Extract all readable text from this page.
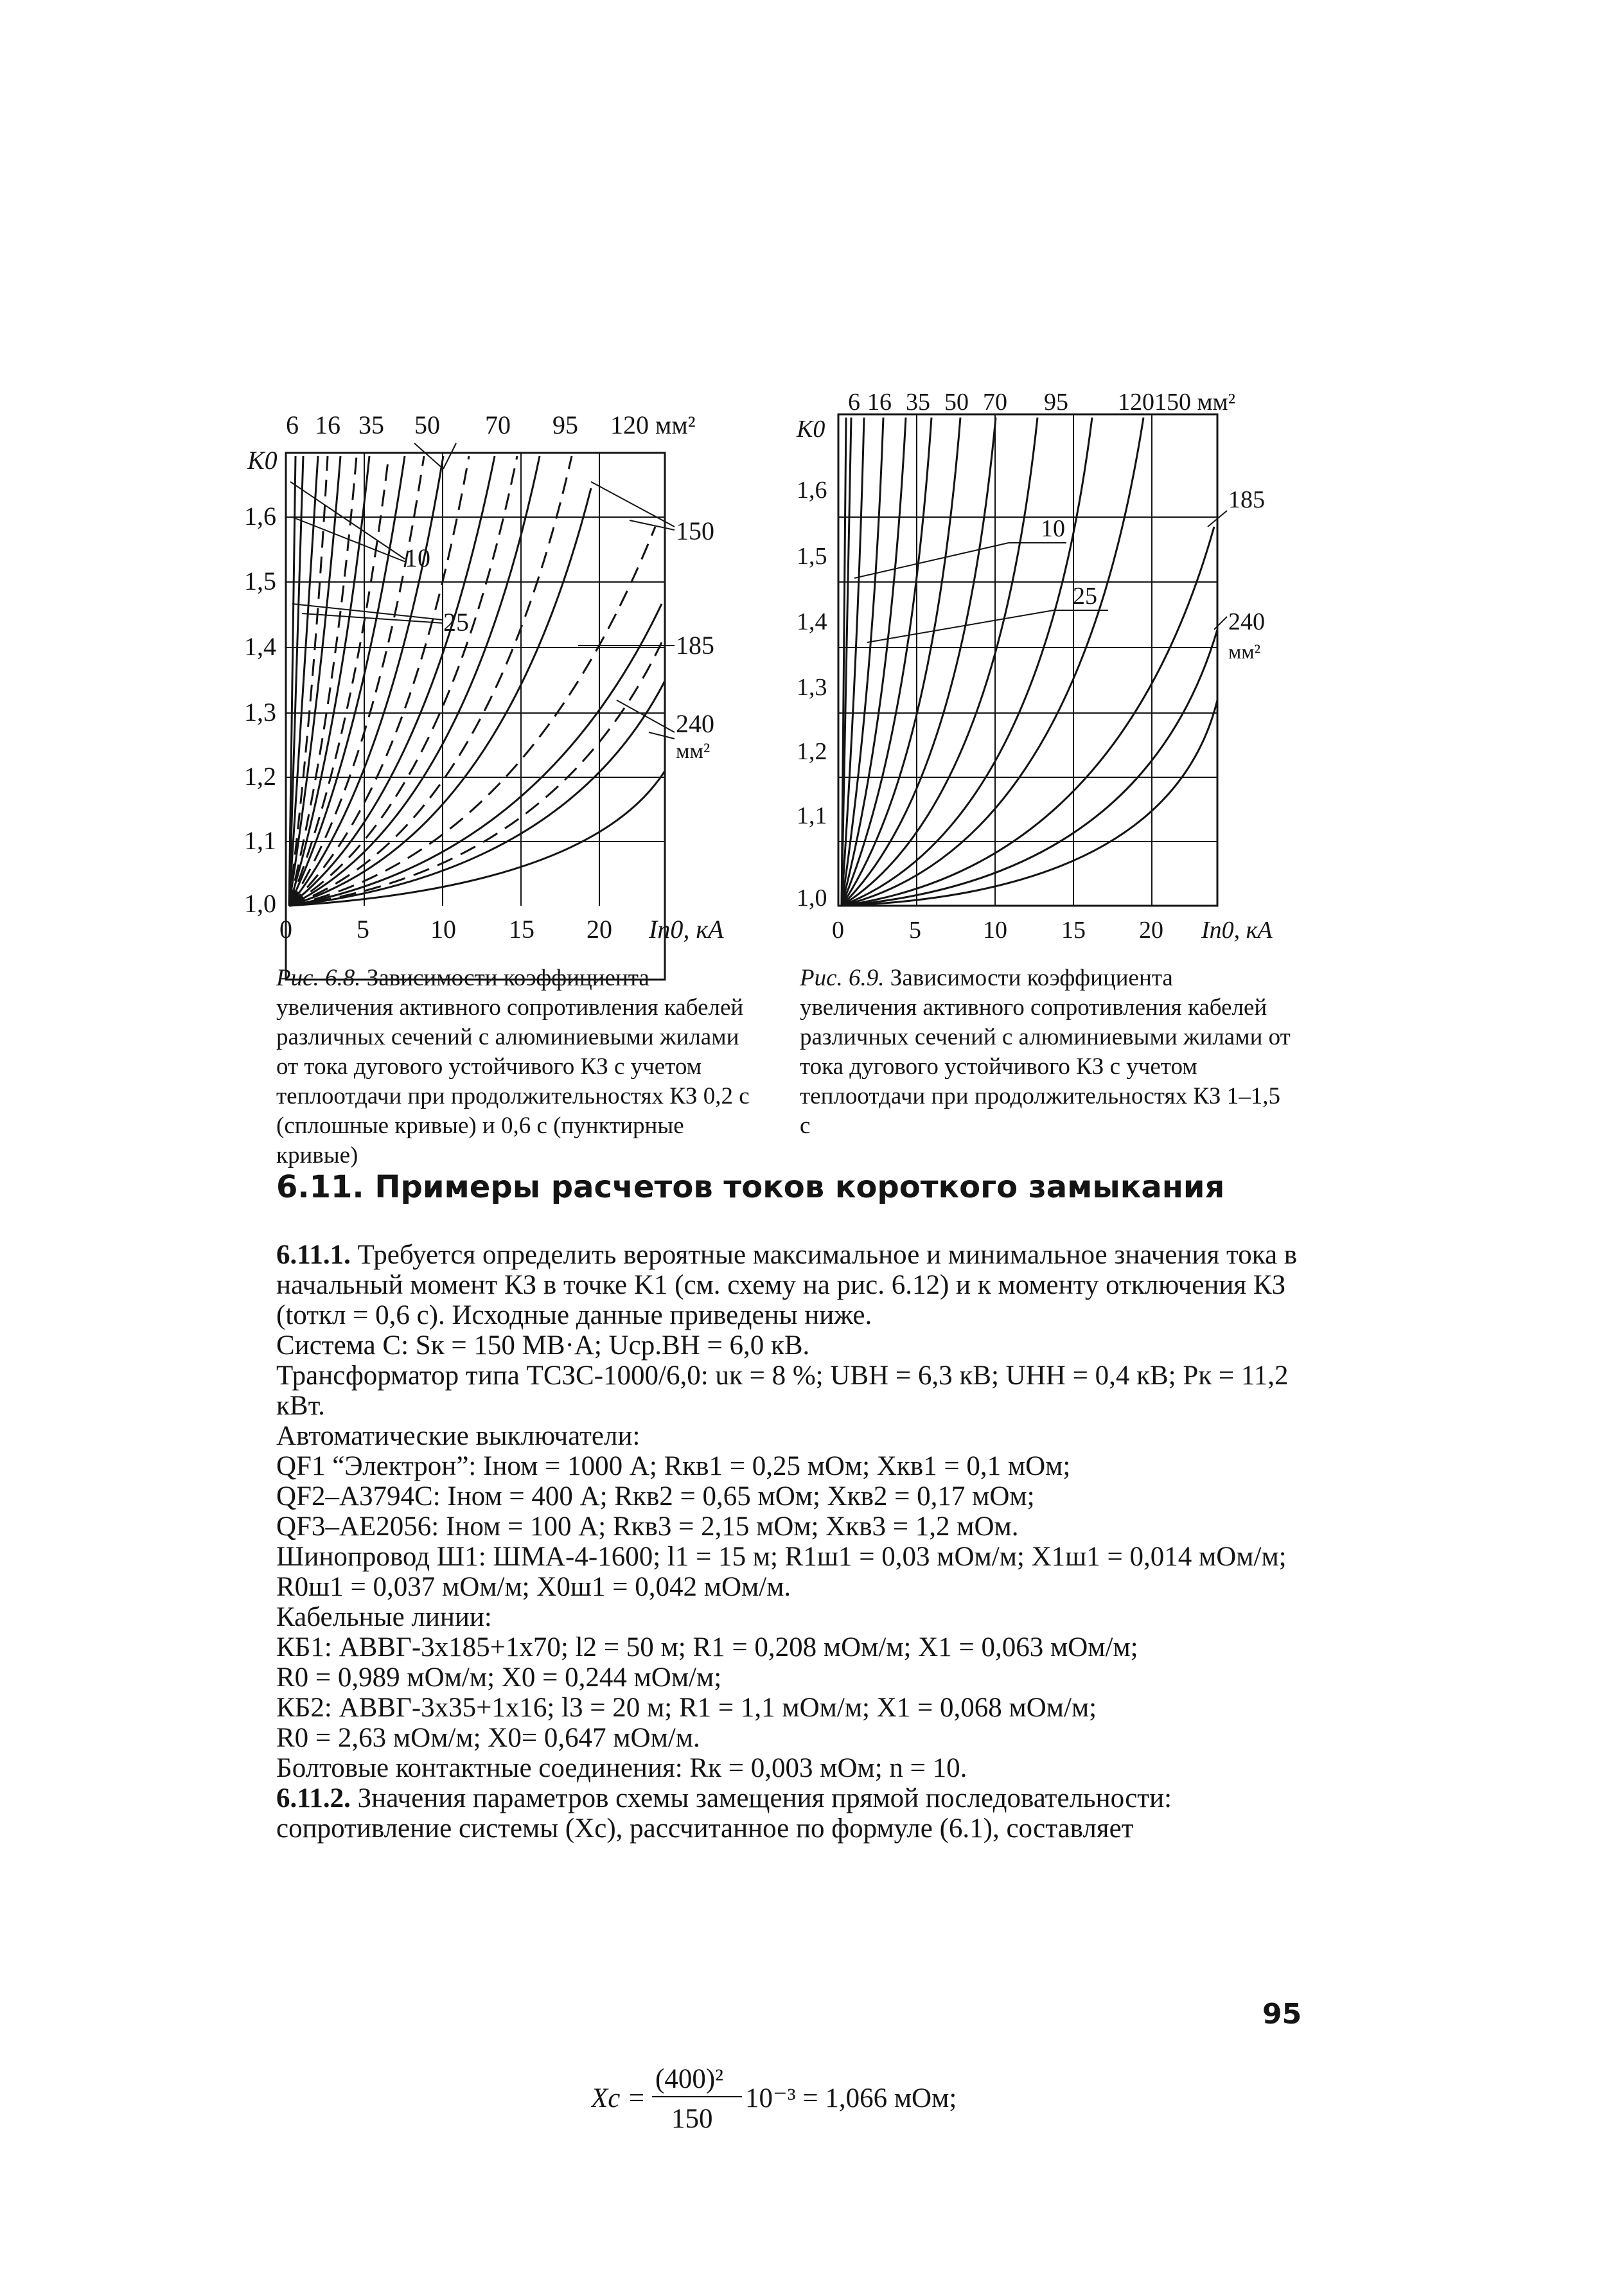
6 16 35 50 70 95 120 мм²
K0
1,6
1,5
1,4
1,3
1,2
1,1
1,0
0	5 10 15 20 Iп0, кА
10
25
150
185
240
мм²
6 16 35 50 70 95 120150 мм²
K0
1,6
1,5
1,4
1,3
1,2
1,1
1,0
0	5	10 15 20 Iп0, кА
10
25
185
240
мм²
Рис. 6.8. Зависимости коэффициента увеличения активного сопротивления кабелей различных сечений с алюминиевыми жилами от тока дугового устойчивого КЗ с учетом теплоотдачи при продолжительностях КЗ 0,2 с (сплошные кривые) и 0,6 с (пунктирные кривые)
Рис. 6.9. Зависимости коэффициента увеличения активного сопротивления кабелей различных сечений с алюминиевыми жилами от тока дугового устойчивого КЗ с учетом теплоотдачи при продолжительностях КЗ 1–1,5 с
6.11. Примеры расчетов токов короткого замыкания

6.11.1. Требуется определить вероятные максимальное и минимальное значения тока в начальный момент КЗ в точке K1 (см. схему на рис. 6.12) и к моменту отключения КЗ (tоткл = 0,6 с). Исходные данные приведены ниже.

Система С: Sк = 150 МВ·А; Uср.ВН = 6,0 кВ.

Трансформатор типа ТСЗС-1000/6,0: uк = 8 %; UВН = 6,3 кВ; UНН = 0,4 кВ; Pк = 11,2 кВт.

Автоматические выключатели:

QF1 “Электрон”: Iном = 1000 А; Rкв1 = 0,25 мОм; Xкв1 = 0,1 мОм;

QF2–А3794С: Iном = 400 А; Rкв2 = 0,65 мОм; Xкв2 = 0,17 мОм;

QF3–АЕ2056: Iном = 100 А; Rкв3 = 2,15 мОм; Xкв3 = 1,2 мОм.

Шинопровод Ш1: ШМА-4-1600; l1 = 15 м; R1ш1 = 0,03 мОм/м; X1ш1 = 0,014 мОм/м;

R0ш1 = 0,037 мОм/м; X0ш1 = 0,042 мОм/м.

Кабельные линии:

КБ1: АВВГ-3х185+1х70; l2 = 50 м; R1 = 0,208 мОм/м; X1 = 0,063 мОм/м;

R0 = 0,989 мОм/м; X0 = 0,244 мОм/м;

КБ2: АВВГ-3х35+1х16; l3 = 20 м; R1 = 1,1 мОм/м; X1 = 0,068 мОм/м;

R0 = 2,63 мОм/м; X0= 0,647 мОм/м.

Болтовые контактные соединения: Rк = 0,003 мОм; n = 10.

6.11.2. Значения параметров схемы замещения прямой последовательности: сопротивление системы (Xс), рассчитанное по формуле (6.1), составляет

Xc =
(400)²
150
10⁻³ = 1,066 мОм;

95
